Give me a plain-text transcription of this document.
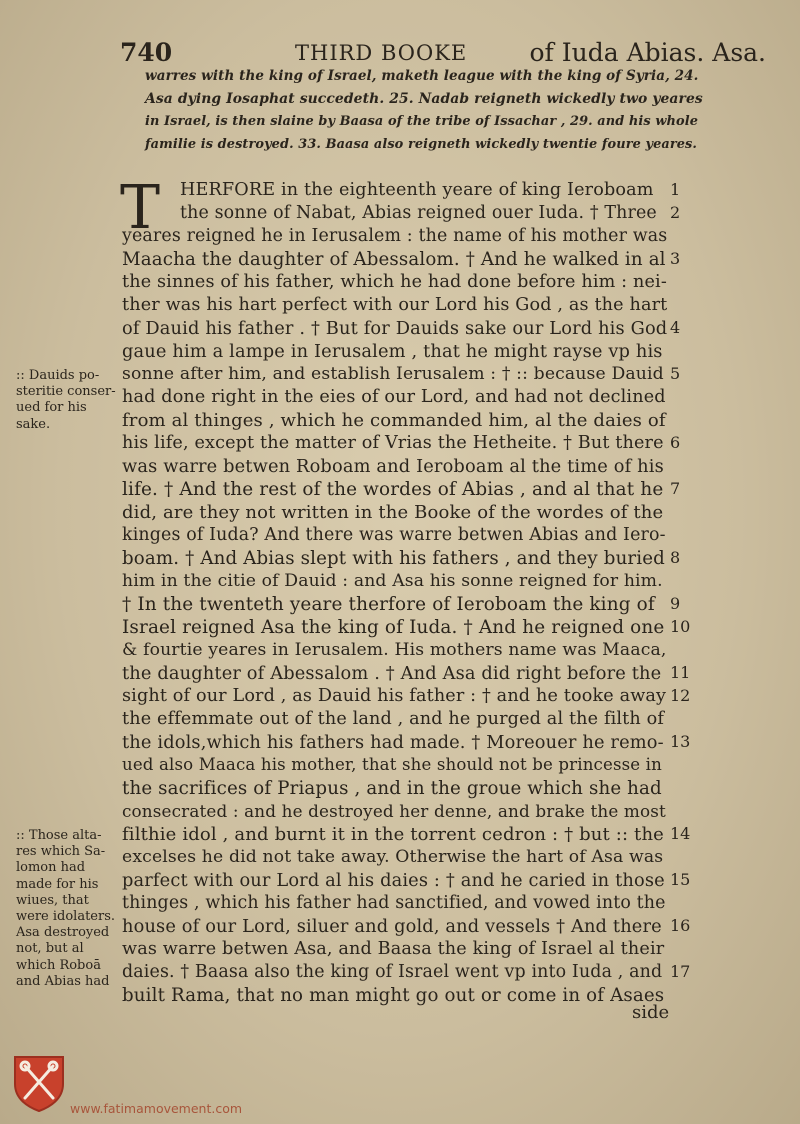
740	THIRD BOOKE of Iuda Abias. Asa.
warres with the king of Israel, maketh league with the king of Syria, 24.
Asa dying Iosaphat succedeth. 25. Nadab reigneth wickedly two yeares
in Israel, is then slaine by Baasa of the tribe of Issachar , 29. and his whole
familie is destroyed. 33. Baasa also reigneth wickedly twentie foure yeares.
T HERFORE in the eighteenth yeare of king Ieroboam
the sonne of Nabat, Abias reigned ouer Iuda. † Three
yeares reigned he in Ierusalem : the name of his mother was
Maacha the daughter of Abessalom. † And he walked in al
the sinnes of his father, which he had done before him : nei-
ther was his hart perfect with our Lord his God , as the hart
of Dauid his father . † But for Dauids sake our Lord his God
gaue him a lampe in Ierusalem , that he might rayse vp his
sonne after him, and establish Ierusalem : † :: because Dauid
had done right in the eies of our Lord, and had not declined
from al thinges , which he commanded him, al the daies of
his life, except the matter of Vrias the Hetheite. † But there
was warre betwen Roboam and Ieroboam al the time of his
life. † And the rest of the wordes of Abias , and al that he
did, are they not written in the Booke of the wordes of the
kinges of Iuda? And there was warre betwen Abias and Iero-
boam. † And Abias slept with his fathers , and they buried
him in the citie of Dauid : and Asa his sonne reigned for him.
† In the twenteth yeare therfore of Ieroboam the king of
Israel reigned Asa the king of Iuda. † And he reigned one
& fourtie yeares in Ierusalem. His mothers name was Maaca,
the daughter of Abessalom . † And Asa did right before the
sight of our Lord , as Dauid his father : † and he tooke away
the effemmate out of the land , and he purged al the filth of
the idols,which his fathers had made. † Moreouer he remo-
ued also Maaca his mother, that she should not be princesse in
the sacrifices of Priapus , and in the groue which she had
consecrated : and he destroyed her denne, and brake the most
filthie idol , and burnt it in the torrent cedron : † but :: the
excelses he did not take away. Otherwise the hart of Asa was
parfect with our Lord al his daies : † and he caried in those
thinges , which his father had sanctified, and vowed into the
house of our Lord, siluer and gold, and vessels † And there
was warre betwen Asa, and Baasa the king of Israel al their
daies. † Baasa also the king of Israel went vp into Iuda , and
built Rama, that no man might go out or come in of Asaes
:: Dauids po-
steritie conser-
ued for his
sake.
:: Those alta-
res which Sa-
lomon had
made for his
wiues, that
were idolaters.
Asa destroyed
not, but al
which Roboā
and Abias had
side
www.fatimamovement.com
1
2
3
4
5
6
7
8
9
10
11
12
13
14
15
16
17
